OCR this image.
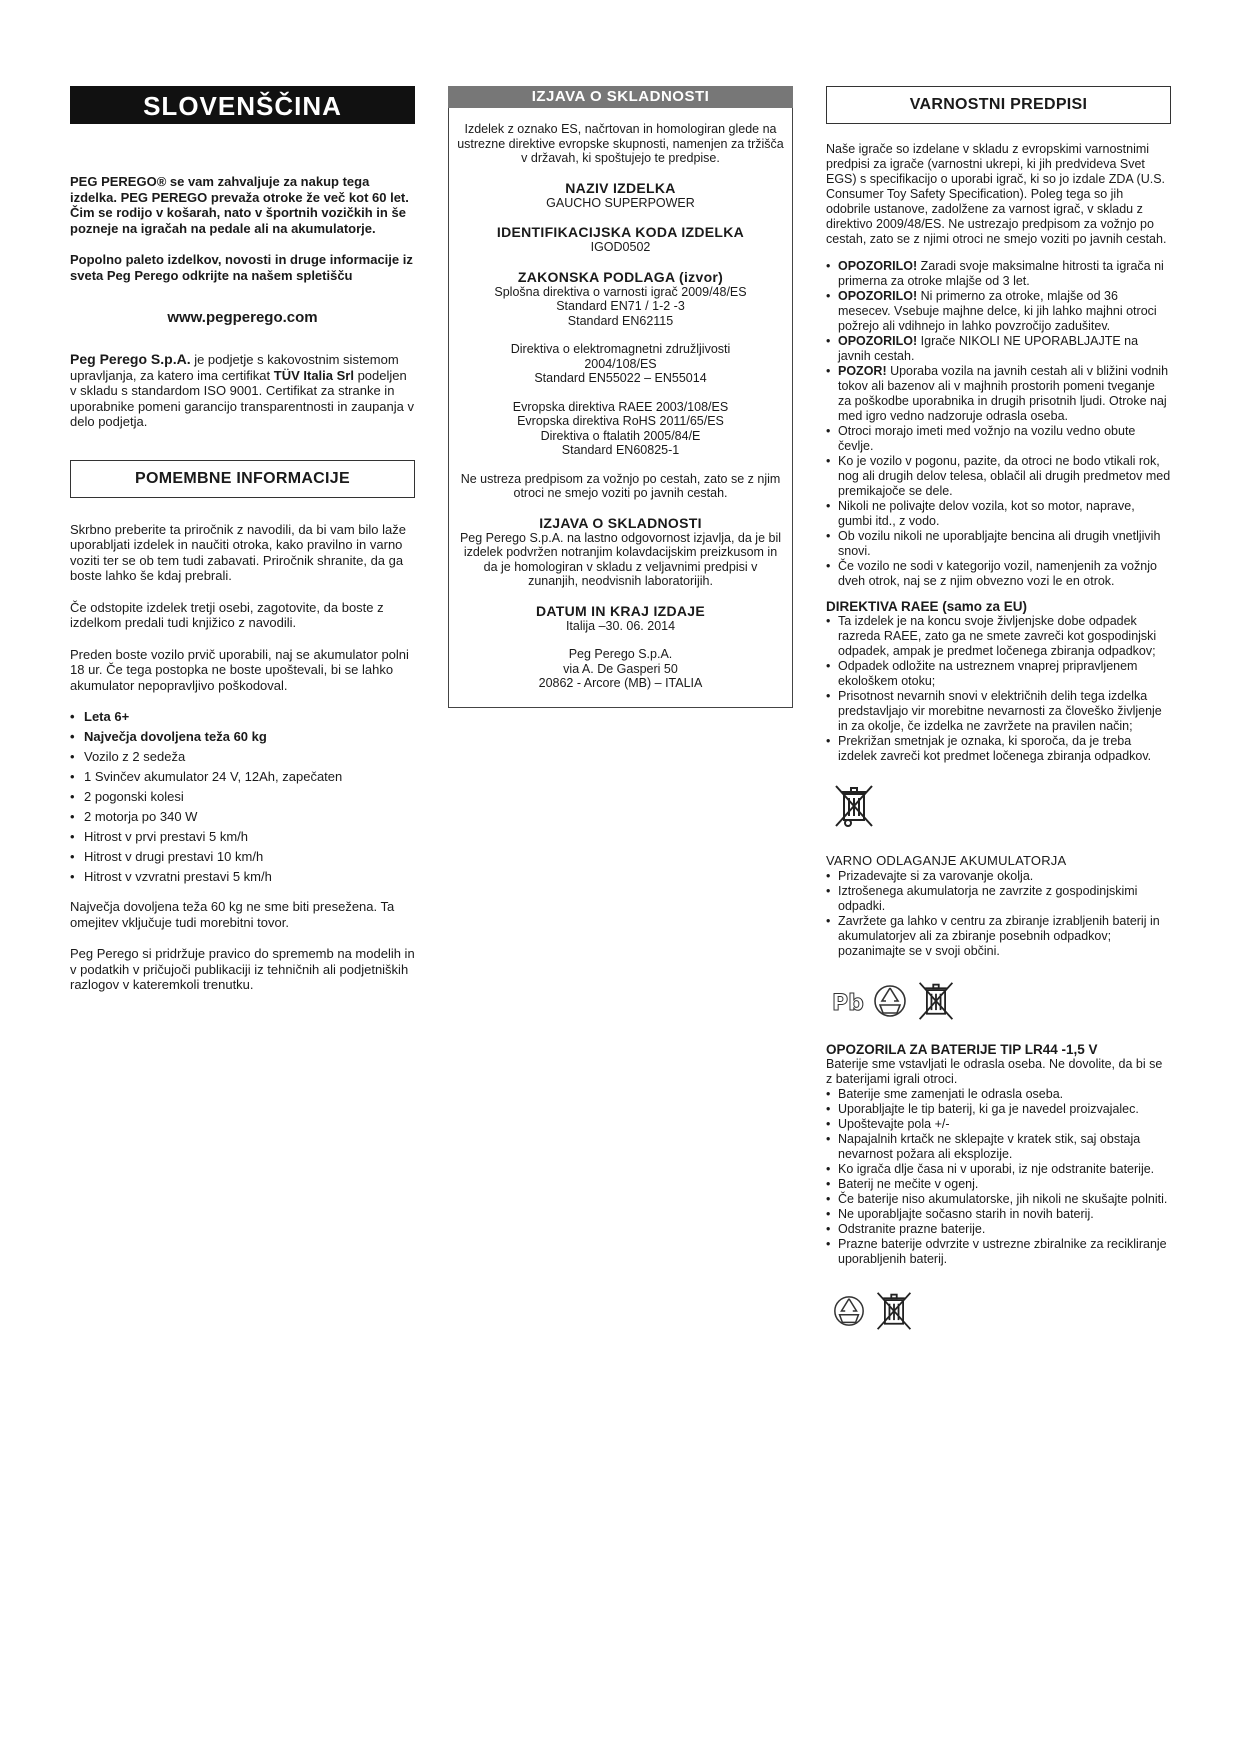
SLOVENŠČINA

PEG PEREGO® se vam zahvaljuje za nakup tega izdelka. PEG PEREGO prevaža otroke že več kot 60 let. Čim se rodijo v košarah, nato v športnih vozičkih in še pozneje na igračah na pedale ali na akumulatorje.

Popolno paleto izdelkov, novosti in druge informacije iz sveta Peg Perego odkrijte na našem spletišču

www.pegperego.com

Peg Perego S.p.A. je podjetje s kakovostnim sistemom upravljanja, za katero ima certifikat TÜV Italia Srl podeljen v skladu s standardom ISO 9001. Certifikat za stranke in uporabnike pomeni garancijo transparentnosti in zaupanja v delo podjetja.

POMEMBNE INFORMACIJE

Skrbno preberite ta priročnik z navodili, da bi vam bilo laže uporabljati izdelek in naučiti otroka, kako pravilno in varno voziti ter se ob tem tudi zabavati. Priročnik shranite, da ga boste lahko še kdaj prebrali.

Če odstopite izdelek tretji osebi, zagotovite, da boste z izdelkom predali tudi knjižico z navodili.

Preden boste vozilo prvič uporabili, naj se akumulator polni 18 ur. Če tega postopka ne boste upoštevali, bi se lahko akumulator nepopravljivo poškodoval.

• Leta 6+
• Največja dovoljena teža 60 kg
• Vozilo z 2 sedeža
• 1 Svinčev akumulator 24 V, 12Ah, zapečaten
• 2 pogonski kolesi
• 2 motorja po 340 W
• Hitrost v prvi prestavi 5 km/h
• Hitrost v drugi prestavi 10 km/h
• Hitrost v vzvratni prestavi 5 km/h

Največja dovoljena teža 60 kg ne sme biti presežena. Ta omejitev vključuje tudi morebitni tovor.

Peg Perego si pridržuje pravico do sprememb na modelih in v podatkih v pričujoči publikaciji iz tehničnih ali podjetniških razlogov v kateremkoli trenutku.

IZJAVA O SKLADNOSTI

Izdelek z oznako ES, načrtovan in homologiran glede na ustrezne direktive evropske skupnosti, namenjen za tržišča v državah, ki spoštujejo te predpise.

NAZIV IZDELKA

GAUCHO SUPERPOWER

IDENTIFIKACIJSKA KODA IZDELKA

IGOD0502

ZAKONSKA PODLAGA (izvor)

Splošna direktiva o varnosti igrač 2009/48/ES

Standard EN71 / 1-2 -3

Standard EN62115

Direktiva o elektromagnetni združljivosti

2004/108/ES

Standard EN55022 – EN55014

Evropska direktiva RAEE 2003/108/ES

Evropska direktiva RoHS 2011/65/ES

Direktiva o ftalatih 2005/84/E

Standard EN60825-1

Ne ustreza predpisom za vožnjo po cestah, zato se z njim otroci ne smejo voziti po javnih cestah.

IZJAVA O SKLADNOSTI

Peg Perego S.p.A. na lastno odgovornost izjavlja, da je bil izdelek podvržen notranjim kolavdacijskim preizkusom in da je homologiran v skladu z veljavnimi predpisi v zunanjih, neodvisnih laboratorijih.

DATUM IN KRAJ IZDAJE

Italija –30. 06. 2014

Peg Perego S.p.A.

via A. De Gasperi 50

20862 - Arcore (MB) – ITALIA

VARNOSTNI PREDPISI

Naše igrače so izdelane v skladu z evropskimi varnostnimi predpisi za igrače (varnostni ukrepi, ki jih predvideva Svet EGS) s specifikacijo o uporabi igrač, ki so jo izdale ZDA (U.S. Consumer Toy Safety Specification). Poleg tega so jih odobrile ustanove, zadolžene za varnost igrač, v skladu z direktivo 2009/48/ES. Ne ustrezajo predpisom za vožnjo po cestah, zato se z njimi otroci ne smejo voziti po javnih cestah.

• OPOZORILO! Zaradi svoje maksimalne hitrosti ta igrača ni primerna za otroke mlajše od 3 let.
• OPOZORILO! Ni primerno za otroke, mlajše od 36 mesecev. Vsebuje majhne delce, ki jih lahko majhni otroci požrejo ali vdihnejo in lahko povzročijo zadušitev.
• OPOZORILO! Igrače NIKOLI NE UPORABLJAJTE na javnih cestah.
• POZOR! Uporaba vozila na javnih cestah ali v bližini vodnih tokov ali bazenov ali v majhnih prostorih pomeni tveganje za poškodbe uporabnika in drugih prisotnih ljudi. Otroke naj med igro vedno nadzoruje odrasla oseba.
• Otroci morajo imeti med vožnjo na vozilu vedno obute čevlje.
• Ko je vozilo v pogonu, pazite, da otroci ne bodo vtikali rok, nog ali drugih delov telesa, oblačil ali drugih predmetov med premikajoče se dele.
• Nikoli ne polivajte delov vozila, kot so motor, naprave, gumbi itd., z vodo.
• Ob vozilu nikoli ne uporabljajte bencina ali drugih vnetljivih snovi.
• Če vozilo ne sodi v kategorijo vozil, namenjenih za vožnjo dveh otrok, naj se z njim obvezno vozi le en otrok.
DIREKTIVA RAEE (samo za EU)
• Ta izdelek je na koncu svoje življenjske dobe odpadek razreda RAEE, zato ga ne smete zavreči kot gospodinjski odpadek, ampak je predmet ločenega zbiranja odpadkov;
• Odpadek odložite na ustreznem vnaprej pripravljenem ekološkem otoku;
• Prisotnost nevarnih snovi v električnih delih tega izdelka predstavljajo vir morebitne nevarnosti za človeško življenje in za okolje, če izdelka ne zavržete na pravilen način;
• Prekrižan smetnjak je oznaka, ki sporoča, da je treba izdelek zavreči kot predmet ločenega zbiranja odpadkov.

VARNO ODLAGANJE AKUMULATORJA

• Prizadevajte si za varovanje okolja.
• Iztrošenega akumulatorja ne zavrzite z gospodinjskimi odpadki.
• Zavržete ga lahko v centru za zbiranje izrabljenih baterij in akumulatorjev ali za zbiranje posebnih odpadkov; pozanimajte se v svoji občini.
Pb
OPOZORILA ZA BATERIJE TIP LR44 -1,5 V

Baterije sme vstavljati le odrasla oseba. Ne dovolite, da bi se z baterijami igrali otroci.

• Baterije sme zamenjati le odrasla oseba.
• Uporabljajte le tip baterij, ki ga je navedel proizvajalec.
• Upoštevajte pola +/-
• Napajalnih krtačk ne sklepajte v kratek stik, saj obstaja nevarnost požara ali eksplozije.
• Ko igrača dlje časa ni v uporabi, iz nje odstranite baterije.
• Baterij ne mečite v ogenj.
• Če baterije niso akumulatorske, jih nikoli ne skušajte polniti.
• Ne uporabljajte sočasno starih in novih baterij.
• Odstranite prazne baterije.
• Prazne baterije odvrzite v ustrezne zbiralnike za recikliranje uporabljenih baterij.
